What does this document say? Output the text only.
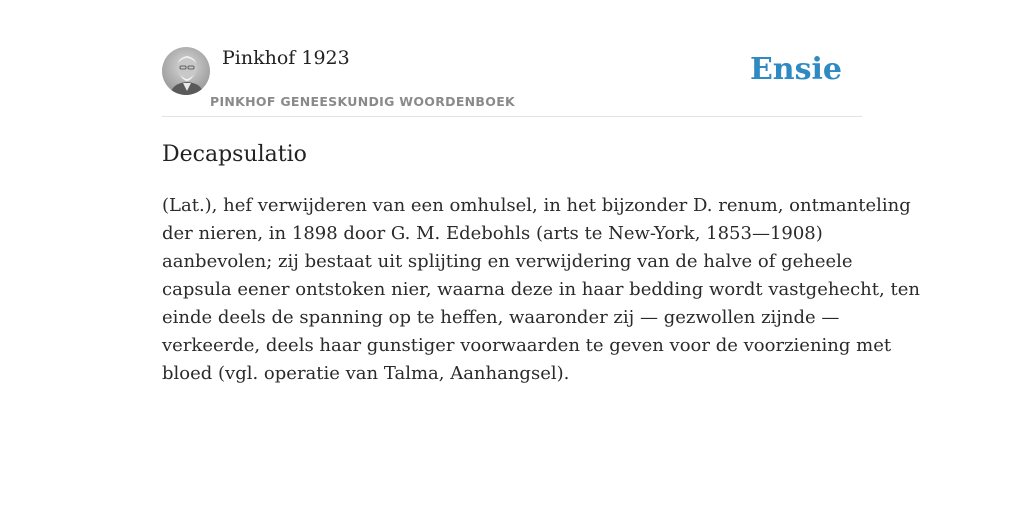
Pinkhof 1923
PINKHOF GENEESKUNDIG WOORDENBOEK
Ensie
Decapsulatio
(Lat.), hef verwijderen van een omhulsel, in het bijzonder D. renum, ontmanteling
der nieren, in 1898 door G. M. Edebohls (arts te New-York, 1853—1908)
aanbevolen; zij bestaat uit splijting en verwijdering van de halve of geheele
capsula eener ontstoken nier, waarna deze in haar bedding wordt vastgehecht, ten
einde deels de spanning op te heffen, waaronder zij — gezwollen zijnde —
verkeerde, deels haar gunstiger voorwaarden te geven voor de voorziening met
bloed (vgl. operatie van Talma, Aanhangsel).
